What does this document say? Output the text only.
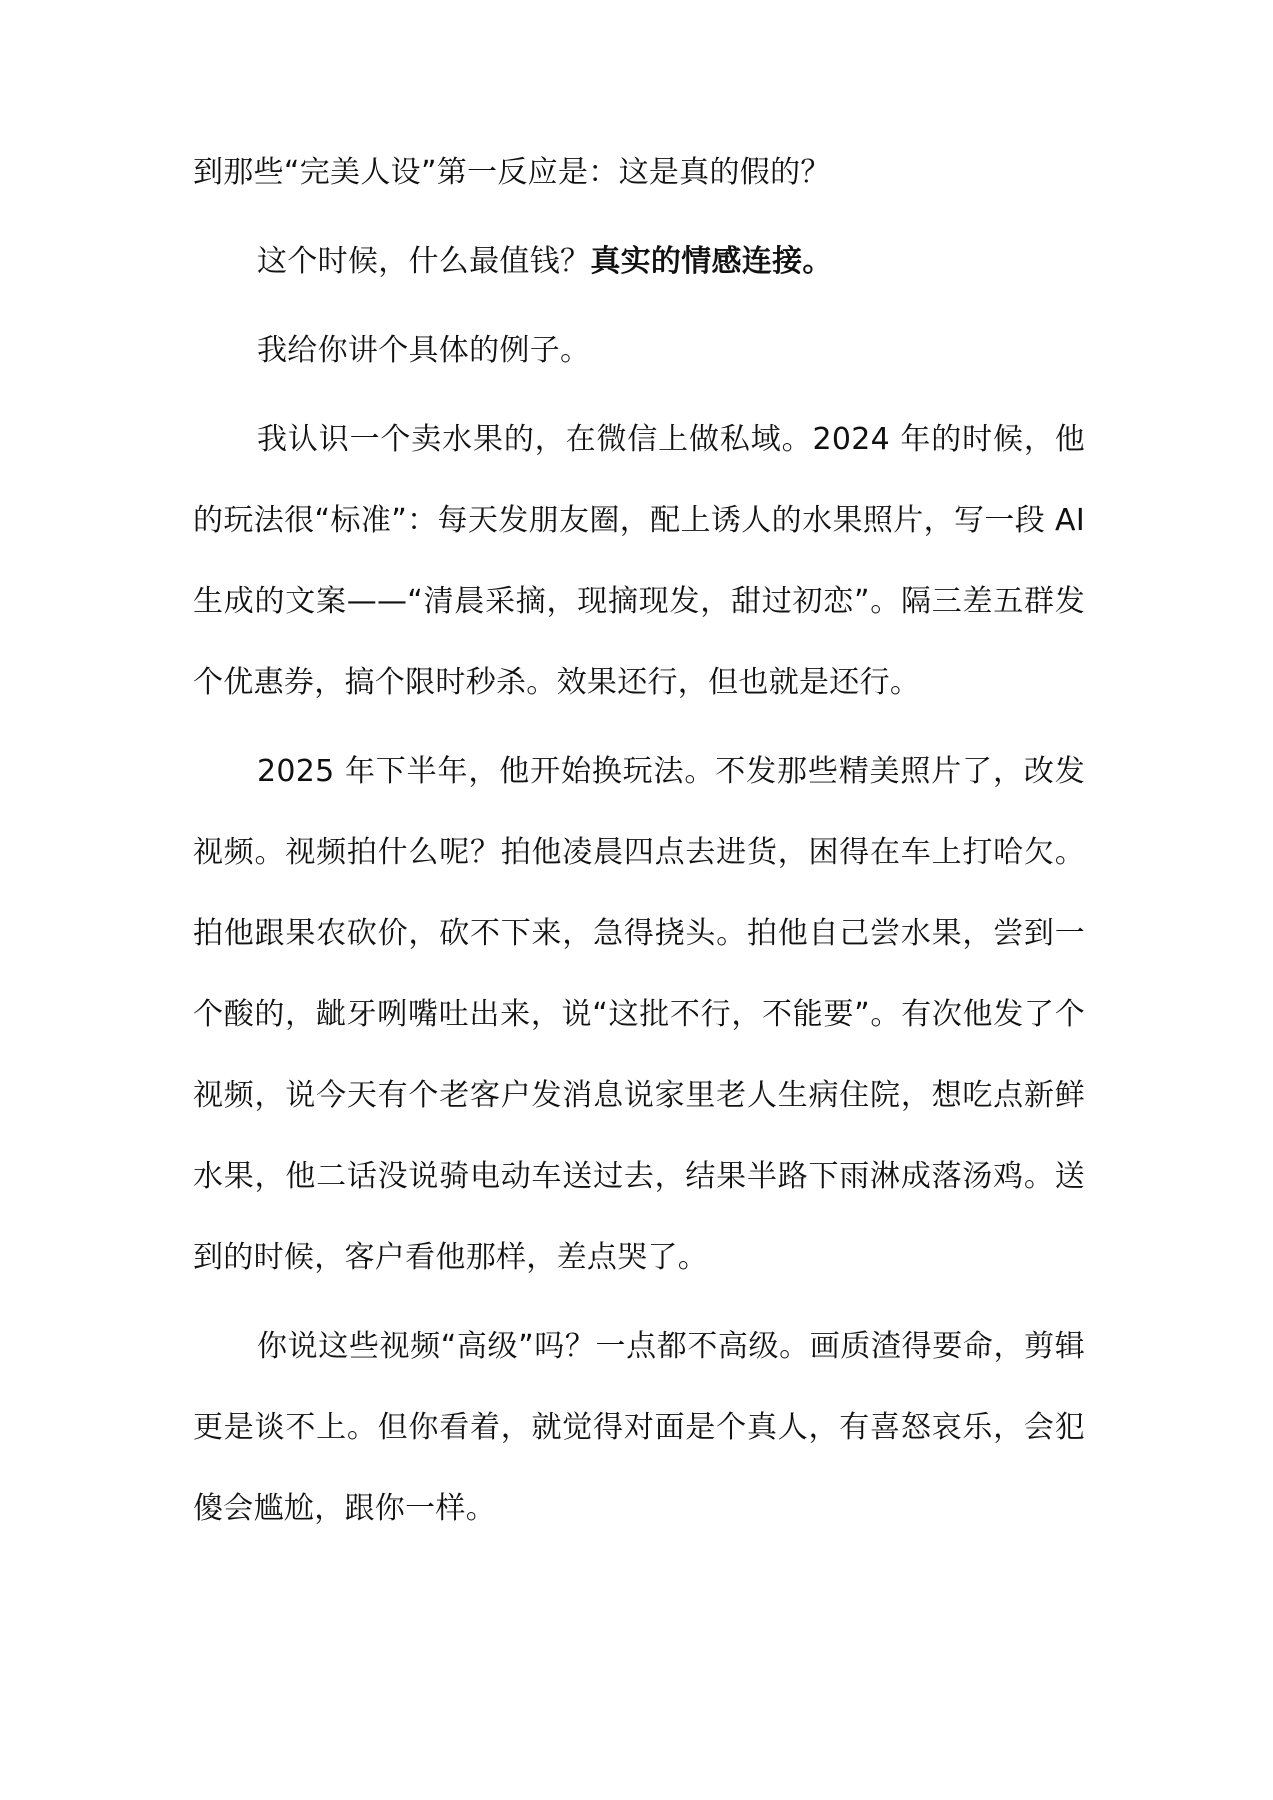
到那些“完美人设”第一反应是：这是真的假的？

这个时候，什么最值钱？真实的情感连接。

我给你讲个具体的例子。

我认识一个卖水果的，在微信上做私域。2024 年的时候，他的玩法很“标准”：每天发朋友圈，配上诱人的水果照片，写一段 AI 生成的文案——“清晨采摘，现摘现发，甜过初恋”。隔三差五群发个优惠券，搞个限时秒杀。效果还行，但也就是还行。

2025 年下半年，他开始换玩法。不发那些精美照片了，改发视频。视频拍什么呢？拍他凌晨四点去进货，困得在车上打哈欠。拍他跟果农砍价，砍不下来，急得挠头。拍他自己尝水果，尝到一个酸的，龇牙咧嘴吐出来，说“这批不行，不能要”。有次他发了个视频，说今天有个老客户发消息说家里老人生病住院，想吃点新鲜水果，他二话没说骑电动车送过去，结果半路下雨淋成落汤鸡。送到的时候，客户看他那样，差点哭了。

你说这些视频“高级”吗？一点都不高级。画质渣得要命，剪辑更是谈不上。但你看着，就觉得对面是个真人，有喜怒哀乐，会犯傻会尴尬，跟你一样。
